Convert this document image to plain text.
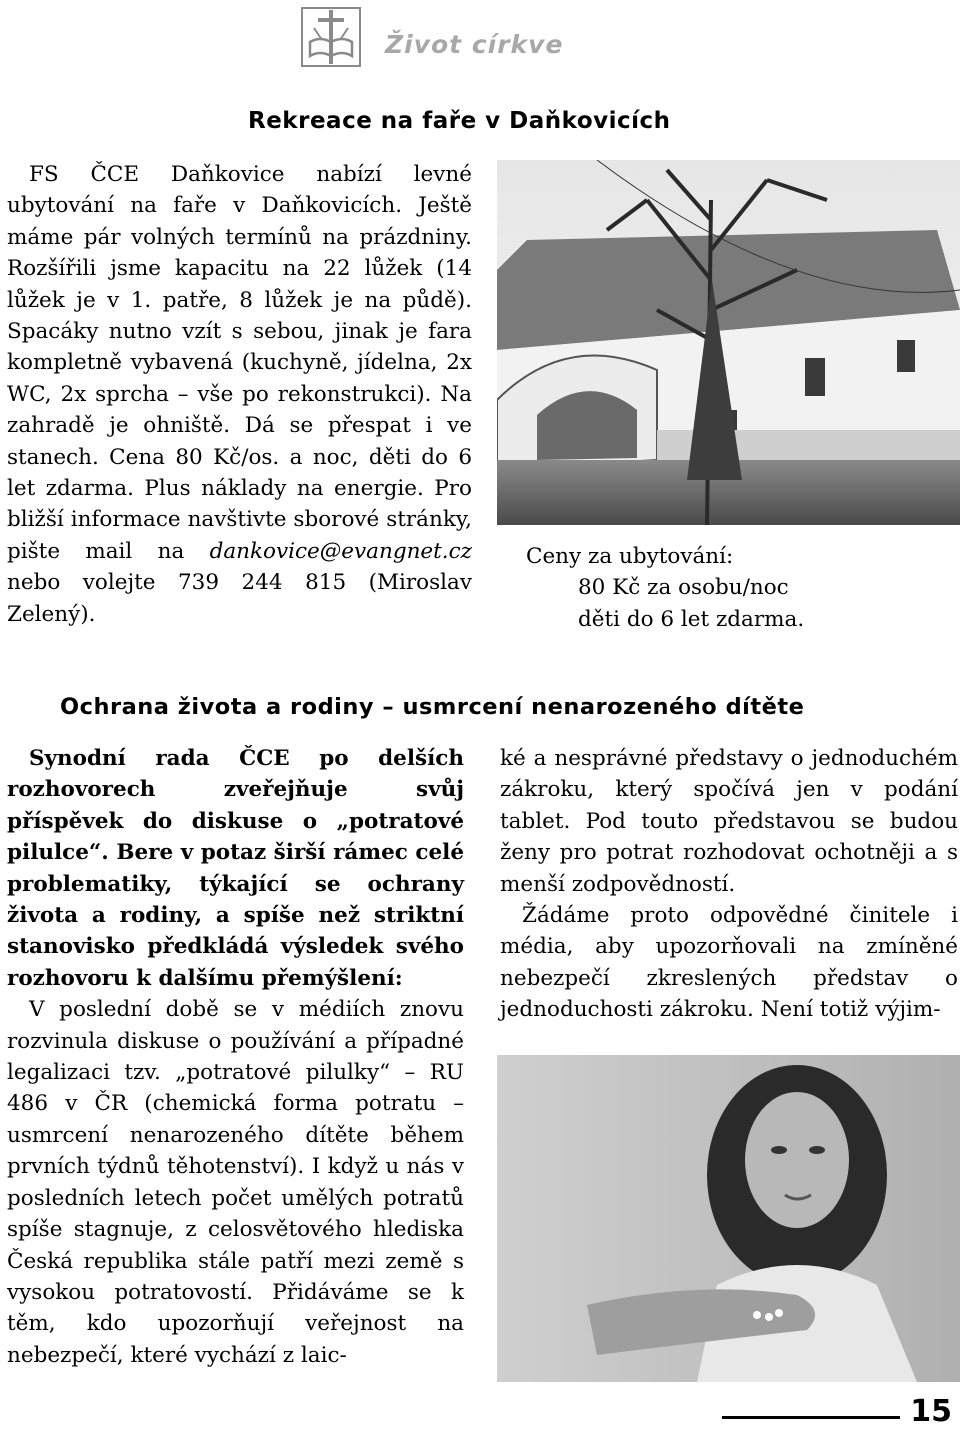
Život církve
Rekreace na faře v Daňkovicích

FS ČCE Daňkovice nabízí levné ubytování na faře v Daňkovicích. Ještě máme pár volných termínů na prázdniny. Rozšířili jsme kapacitu na 22 lůžek (14 lůžek je v 1. patře, 8 lůžek je na půdě). Spacáky nutno vzít s sebou, jinak je fara kompletně vybavená (kuchyně, jídelna, 2x WC, 2x sprcha – vše po rekonstrukci). Na zahradě je ohniště. Dá se přespat i ve stanech. Cena 80 Kč/os. a noc, děti do 6 let zdarma. Plus náklady na energie. Pro bližší informace navštivte sborové stránky, pište mail na dankovice@evangnet.cz nebo volejte 739 244 815 (Miroslav Zelený).

Ceny za ubytování:
80 Kč za osobu/noc
děti do 6 let zdarma.
Ochrana života a rodiny – usmrcení nenarozeného dítěte

Synodní rada ČCE po delších rozhovorech zveřejňuje svůj příspěvek do diskuse o „potratové pilulce“. Bere v potaz širší rámec celé problematiky, týkající se ochrany života a rodiny, a spíše než striktní stanovisko předkládá výsledek svého rozhovoru k dalšímu přemýšlení:

V poslední době se v médiích znovu rozvinula diskuse o používání a případné legalizaci tzv. „potratové pilulky“ – RU 486 v ČR (chemická forma potratu – usmrcení nenarozeného dítěte během prvních týdnů těhotenství). I když u nás v posledních letech počet umělých potratů spíše stagnuje, z celosvětového hlediska Česká republika stále patří mezi země s vysokou potratovostí. Přidáváme se k těm, kdo upozorňují veřejnost na nebezpečí, které vychází z laic-

ké a nesprávné představy o jednoduchém zákroku, který spočívá jen v podání tablet. Pod touto představou se budou ženy pro potrat rozhodovat ochotněji a s menší zodpovědností.

Žádáme proto odpovědné činitele i média, aby upozorňovali na zmíněné nebezpečí zkreslených představ o jednoduchosti zákroku. Není totiž výjim-

15
